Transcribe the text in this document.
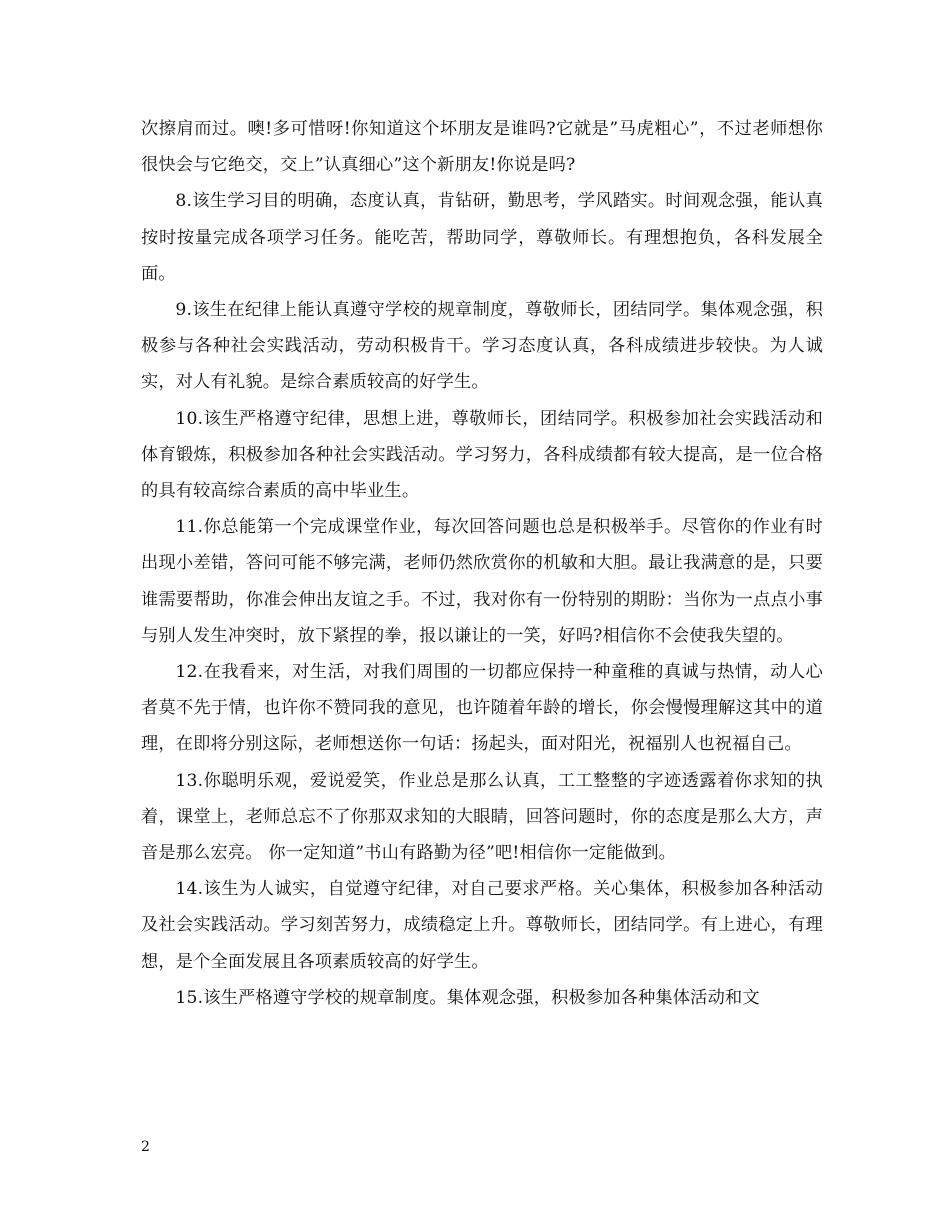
次擦肩而过。噢!多可惜呀!你知道这个坏朋友是谁吗?它就是”马虎粗心”，不过老师想你很快会与它绝交，交上”认真细心”这个新朋友!你说是吗?

8.该生学习目的明确，态度认真，肯钻研，勤思考，学风踏实。时间观念强，能认真按时按量完成各项学习任务。能吃苦，帮助同学，尊敬师长。有理想抱负，各科发展全面。

9.该生在纪律上能认真遵守学校的规章制度，尊敬师长，团结同学。集体观念强，积极参与各种社会实践活动，劳动积极肯干。学习态度认真，各科成绩进步较快。为人诚实，对人有礼貌。是综合素质较高的好学生。

10.该生严格遵守纪律，思想上进，尊敬师长，团结同学。积极参加社会实践活动和体育锻炼，积极参加各种社会实践活动。学习努力，各科成绩都有较大提高，是一位合格的具有较高综合素质的高中毕业生。

11.你总能第一个完成课堂作业，每次回答问题也总是积极举手。尽管你的作业有时出现小差错，答问可能不够完满，老师仍然欣赏你的机敏和大胆。最让我满意的是，只要谁需要帮助，你准会伸出友谊之手。不过，我对你有一份特别的期盼：当你为一点点小事与别人发生冲突时，放下紧捏的拳，报以谦让的一笑，好吗?相信你不会使我失望的。

12.在我看来，对生活，对我们周围的一切都应保持一种童稚的真诚与热情，动人心者莫不先于情，也许你不赞同我的意见，也许随着年龄的增长，你会慢慢理解这其中的道理，在即将分别这际，老师想送你一句话：扬起头，面对阳光，祝福别人也祝福自己。

13.你聪明乐观，爱说爱笑，作业总是那么认真，工工整整的字迹透露着你求知的执着，课堂上，老师总忘不了你那双求知的大眼睛，回答问题时，你的态度是那么大方，声音是那么宏亮。 你一定知道”书山有路勤为径”吧!相信你一定能做到。

14.该生为人诚实，自觉遵守纪律，对自己要求严格。关心集体，积极参加各种活动及社会实践活动。学习刻苦努力，成绩稳定上升。尊敬师长，团结同学。有上进心，有理想，是个全面发展且各项素质较高的好学生。

15.该生严格遵守学校的规章制度。集体观念强，积极参加各种集体活动和文

2
